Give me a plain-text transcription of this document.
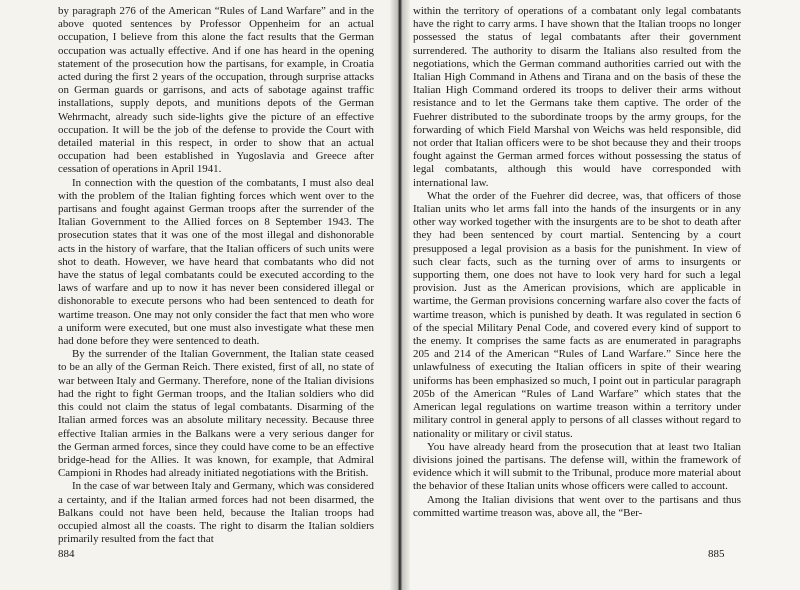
by paragraph 276 of the American “Rules of Land Warfare” and in the above quoted sentences by Professor Oppenheim for an actual occupation, I believe from this alone the fact results that the German occupation was actually effective. And if one has heard in the opening statement of the prosecution how the partisans, for example, in Croatia acted during the first 2 years of the occupation, through surprise attacks on German guards or garrisons, and acts of sabotage against traffic installations, supply depots, and munitions depots of the German Wehrmacht, already such side-lights give the picture of an effective occupation. It will be the job of the defense to provide the Court with detailed material in this respect, in order to show that an actual occupation had been established in Yugoslavia and Greece after cessation of operations in April 1941.

In connection with the question of the combatants, I must also deal with the problem of the Italian fighting forces which went over to the partisans and fought against German troops after the surrender of the Italian Government to the Allied forces on 8 September 1943. The prosecution states that it was one of the most illegal and dishonorable acts in the history of warfare, that the Italian officers of such units were shot to death. However, we have heard that combatants who did not have the status of legal combatants could be executed according to the laws of warfare and up to now it has never been considered illegal or dishonorable to execute persons who had been sentenced to death for wartime treason. One may not only consider the fact that men who wore a uniform were executed, but one must also investigate what these men had done before they were sentenced to death.

By the surrender of the Italian Government, the Italian state ceased to be an ally of the German Reich. There existed, first of all, no state of war between Italy and Germany. Therefore, none of the Italian divisions had the right to fight German troops, and the Italian soldiers who did this could not claim the status of legal combatants. Disarming of the Italian armed forces was an absolute military necessity. Because three effective Italian armies in the Balkans were a very serious danger for the German armed forces, since they could have come to be an effective bridge-head for the Allies. It was known, for example, that Admiral Campioni in Rhodes had already initiated negotiations with the British.

In the case of war between Italy and Germany, which was considered a certainty, and if the Italian armed forces had not been disarmed, the Balkans could not have been held, because the Italian troops had occupied almost all the coasts. The right to disarm the Italian soldiers primarily resulted from the fact that

884

within the territory of operations of a combatant only legal combatants have the right to carry arms. I have shown that the Italian troops no longer possessed the status of legal combatants after their government surrendered. The authority to disarm the Italians also resulted from the negotiations, which the German command authorities carried out with the Italian High Command in Athens and Tirana and on the basis of these the Italian High Command ordered its troops to deliver their arms without resistance and to let the Germans take them captive. The order of the Fuehrer distributed to the subordinate troops by the army groups, for the forwarding of which Field Marshal von Weichs was held responsible, did not order that Italian officers were to be shot because they and their troops fought against the German armed forces without possessing the status of legal combatants, although this would have corresponded with international law.

What the order of the Fuehrer did decree, was, that officers of those Italian units who let arms fall into the hands of the insurgents or in any other way worked together with the insurgents are to be shot to death after they had been sentenced by court martial. Sentencing by a court presupposed a legal provision as a basis for the punishment. In view of such clear facts, such as the turning over of arms to insurgents or supporting them, one does not have to look very hard for such a legal provision. Just as the American provisions, which are applicable in wartime, the German provisions concerning warfare also cover the facts of wartime treason, which is punished by death. It was regulated in section 6 of the special Military Penal Code, and covered every kind of support to the enemy. It comprises the same facts as are enumerated in paragraphs 205 and 214 of the American “Rules of Land Warfare.” Since here the unlawfulness of executing the Italian officers in spite of their wearing uniforms has been emphasized so much, I point out in particular paragraph 205b of the American “Rules of Land Warfare” which states that the American legal regulations on wartime treason within a territory under military control in general apply to persons of all classes without regard to nationality or military or civil status.

You have already heard from the prosecution that at least two Italian divisions joined the partisans. The defense will, within the framework of evidence which it will submit to the Tribunal, produce more material about the behavior of these Italian units whose officers were called to account.

Among the Italian divisions that went over to the partisans and thus committed wartime treason was, above all, the “Ber-

885
